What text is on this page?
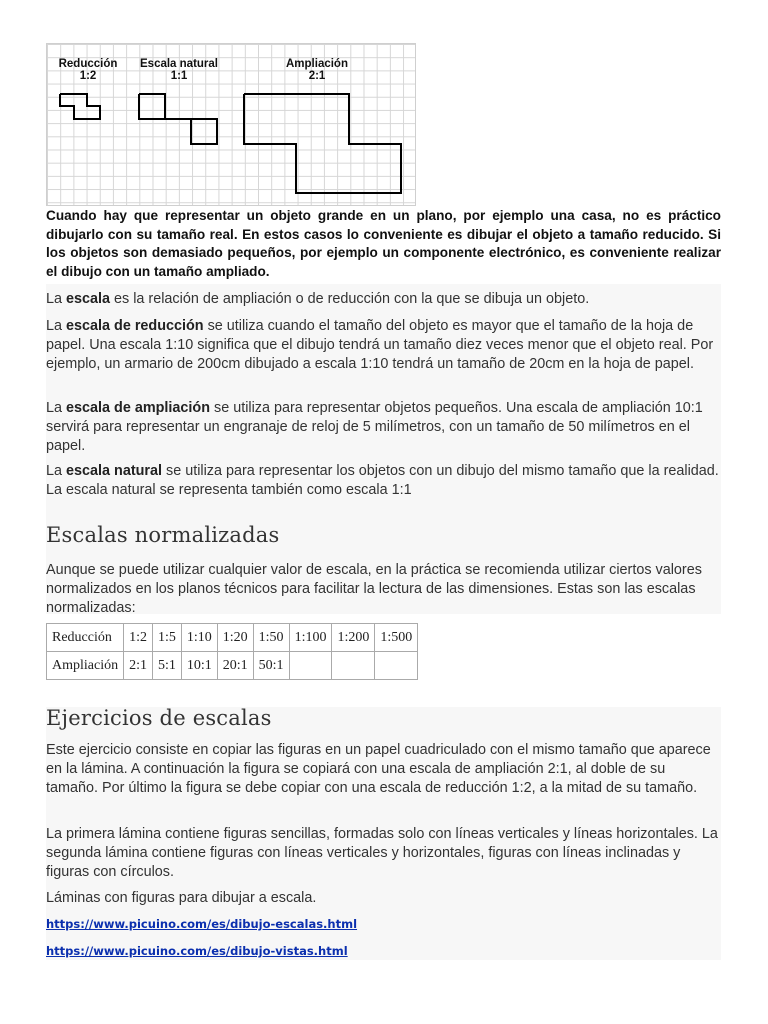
Reducción
1:2
Escala natural
1:1
Ampliación
2:1
Cuando hay que representar un objeto grande en un plano, por ejemplo una casa, no es práctico dibujarlo con su tamaño real. En estos casos lo conveniente es dibujar el objeto a tamaño reducido. Si los objetos son demasiado pequeños, por ejemplo un componente electrónico, es conveniente realizar el dibujo con un tamaño ampliado.
La escala es la relación de ampliación o de reducción con la que se dibuja un objeto.
La escala de reducción se utiliza cuando el tamaño del objeto es mayor que el tamaño de la hoja de papel. Una escala 1:10 significa que el dibujo tendrá un tamaño diez veces menor que el objeto real. Por ejemplo, un armario de 200cm dibujado a escala 1:10 tendrá un tamaño de 20cm en la hoja de papel.
La escala de ampliación se utiliza para representar objetos pequeños. Una escala de ampliación 10:1 servirá para representar un engranaje de reloj de 5 milímetros, con un tamaño de 50 milímetros en el papel.
La escala natural se utiliza para representar los objetos con un dibujo del mismo tamaño que la realidad. La escala natural se representa también como escala 1:1
Escalas normalizadas
Aunque se puede utilizar cualquier valor de escala, en la práctica se recomienda utilizar ciertos valores normalizados en los planos técnicos para facilitar la lectura de las dimensiones. Estas son las escalas normalizadas:
Reducción	1:2	1:5	1:10	1:20	1:50	1:100	1:200	1:500
Ampliación	2:1	5:1	10:1	20:1	50:1			
Ejercicios de escalas
Este ejercicio consiste en copiar las figuras en un papel cuadriculado con el mismo tamaño que aparece en la lámina. A continuación la figura se copiará con una escala de ampliación 2:1, al doble de su tamaño. Por último la figura se debe copiar con una escala de reducción 1:2, a la mitad de su tamaño.
La primera lámina contiene figuras sencillas, formadas solo con líneas verticales y líneas horizontales. La segunda lámina contiene figuras con líneas verticales y horizontales, figuras con líneas inclinadas y figuras con círculos.
Láminas con figuras para dibujar a escala.
https://www.picuino.com/es/dibujo-escalas.html
https://www.picuino.com/es/dibujo-vistas.html
